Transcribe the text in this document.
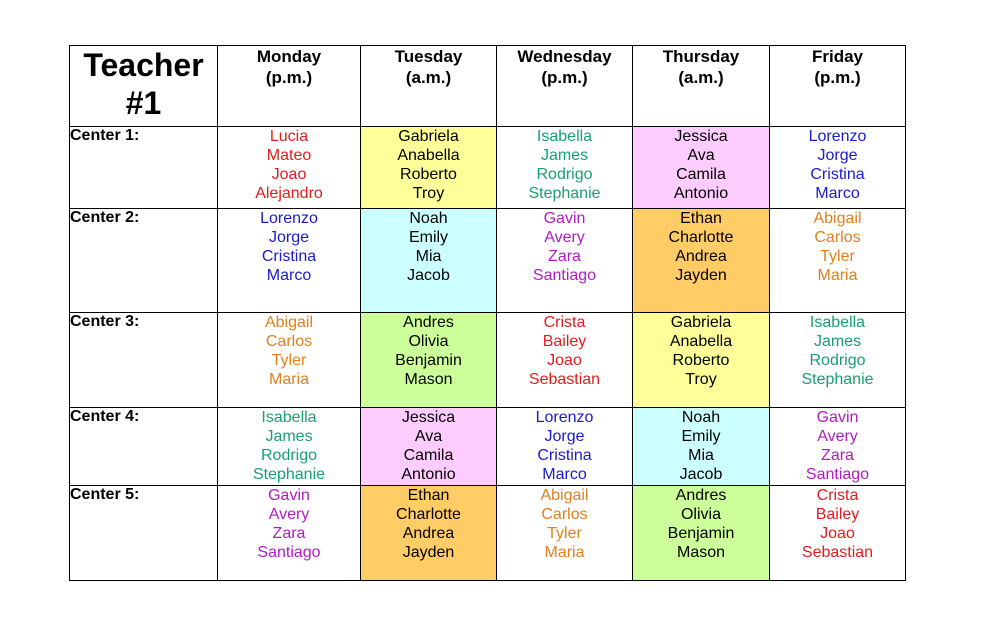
Teacher #1	Monday
(p.m.)	Tuesday
(a.m.)	Wednesday
(p.m.)	Thursday
(a.m.)	Friday
(p.m.)

Center 1:	Lucia
Mateo
Joao
Alejandro	Gabriela
Anabella
Roberto
Troy	Isabella
James
Rodrigo
Stephanie	Jessica
Ava
Camila
Antonio	Lorenzo
Jorge
Cristina
Marco

Center 2:	Lorenzo
Jorge
Cristina
Marco	Noah
Emily
Mia
Jacob	Gavin
Avery
Zara
Santiago	Ethan
Charlotte
Andrea
Jayden	Abigail
Carlos
Tyler
Maria

Center 3:	Abigail
Carlos
Tyler
Maria	Andres
Olivia
Benjamin
Mason	Crista
Bailey
Joao
Sebastian	Gabriela
Anabella
Roberto
Troy	Isabella
James
Rodrigo
Stephanie

Center 4:	Isabella
James
Rodrigo
Stephanie	Jessica
Ava
Camila
Antonio	Lorenzo
Jorge
Cristina
Marco	Noah
Emily
Mia
Jacob	Gavin
Avery
Zara
Santiago

Center 5:	Gavin
Avery
Zara
Santiago	Ethan
Charlotte
Andrea
Jayden	Abigail
Carlos
Tyler
Maria	Andres
Olivia
Benjamin
Mason	Crista
Bailey
Joao
Sebastian
